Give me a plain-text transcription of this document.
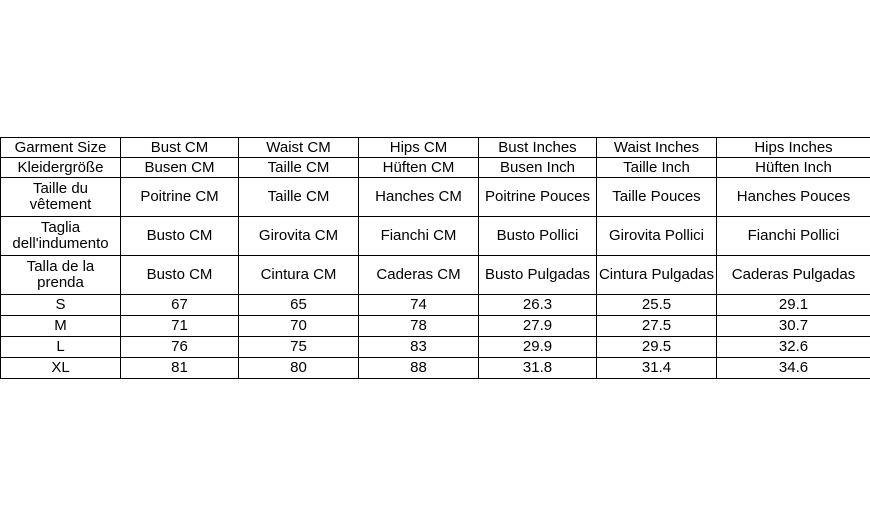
Garment Size	Bust CM	Waist CM	Hips CM	Bust Inches	Waist Inches	Hips Inches
Kleidergröße	Busen CM	Taille CM	Hüften CM	Busen Inch	Taille Inch	Hüften Inch
Taille du vêtement	Poitrine CM	Taille CM	Hanches CM	Poitrine Pouces	Taille Pouces	Hanches Pouces
Taglia dell'indumento	Busto CM	Girovita CM	Fianchi CM	Busto Pollici	Girovita Pollici	Fianchi Pollici
Talla de la prenda	Busto CM	Cintura CM	Caderas CM	Busto Pulgadas	Cintura Pulgadas	Caderas Pulgadas
S	67	65	74	26.3	25.5	29.1
M	71	70	78	27.9	27.5	30.7
L	76	75	83	29.9	29.5	32.6
XL	81	80	88	31.8	31.4	34.6
